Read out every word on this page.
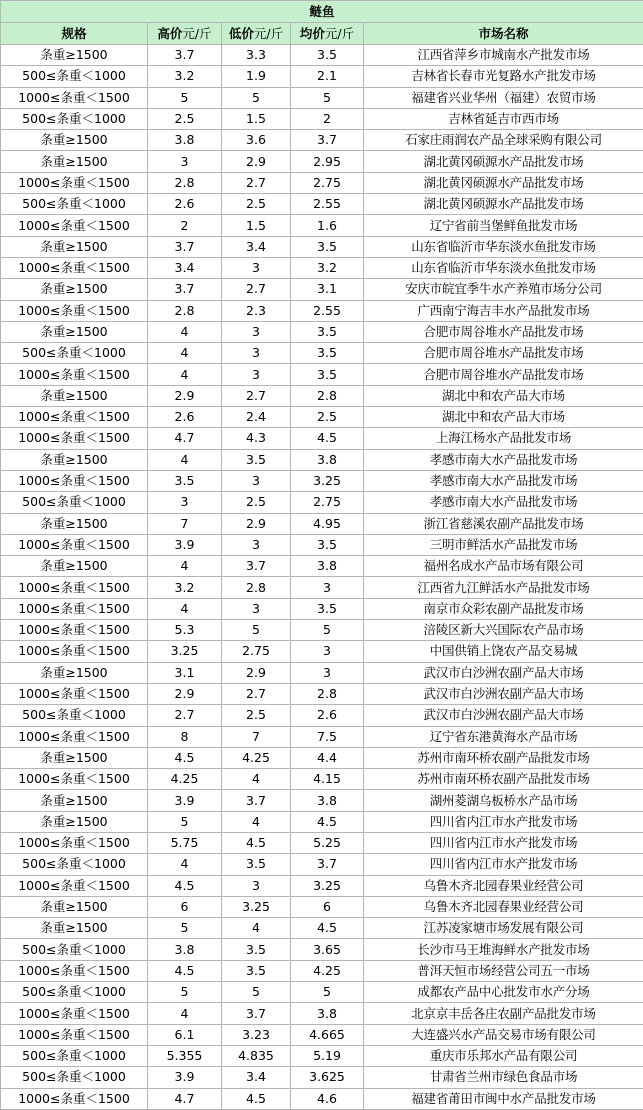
鲢鱼				
规格	高价元/斤	低价元/斤	均价元/斤	市场名称
条重≥1500	3.7	3.3	3.5	江西省萍乡市城南水产批发市场
500≤条重＜1000	3.2	1.9	2.1	吉林省长春市光复路水产批发市场
1000≤条重＜1500	5	5	5	福建省兴业华州（福建）农贸市场
500≤条重＜1000	2.5	1.5	2	吉林省延吉市西市场
条重≥1500	3.8	3.6	3.7	石家庄雨润农产品全球采购有限公司
条重≥1500	3	2.9	2.95	湖北黄冈硕源水产品批发市场
1000≤条重＜1500	2.8	2.7	2.75	湖北黄冈硕源水产品批发市场
500≤条重＜1000	2.6	2.5	2.55	湖北黄冈硕源水产品批发市场
1000≤条重＜1500	2	1.5	1.6	辽宁省前当堡鲜鱼批发市场
条重≥1500	3.7	3.4	3.5	山东省临沂市华东淡水鱼批发市场
1000≤条重＜1500	3.4	3	3.2	山东省临沂市华东淡水鱼批发市场
条重≥1500	3.7	2.7	3.1	安庆市皖宜季牛水产养殖市场分公司
1000≤条重＜1500	2.8	2.3	2.55	广西南宁海吉丰水产品批发市场
条重≥1500	4	3	3.5	合肥市周谷堆水产品批发市场
500≤条重＜1000	4	3	3.5	合肥市周谷堆水产品批发市场
1000≤条重＜1500	4	3	3.5	合肥市周谷堆水产品批发市场
条重≥1500	2.9	2.7	2.8	湖北中和农产品大市场
1000≤条重＜1500	2.6	2.4	2.5	湖北中和农产品大市场
1000≤条重＜1500	4.7	4.3	4.5	上海江杨水产品批发市场
条重≥1500	4	3.5	3.8	孝感市南大水产品批发市场
1000≤条重＜1500	3.5	3	3.25	孝感市南大水产品批发市场
500≤条重＜1000	3	2.5	2.75	孝感市南大水产品批发市场
条重≥1500	7	2.9	4.95	浙江省慈溪农副产品批发市场
1000≤条重＜1500	3.9	3	3.5	三明市鲜活水产品批发市场
条重≥1500	4	3.7	3.8	福州名成水产品市场有限公司
1000≤条重＜1500	3.2	2.8	3	江西省九江鲜活水产品批发市场
1000≤条重＜1500	4	3	3.5	南京市众彩农副产品批发市场
1000≤条重＜1500	5.3	5	5	涪陵区新大兴国际农产品市场
1000≤条重＜1500	3.25	2.75	3	中国供销上饶农产品交易城
条重≥1500	3.1	2.9	3	武汉市白沙洲农副产品大市场
1000≤条重＜1500	2.9	2.7	2.8	武汉市白沙洲农副产品大市场
500≤条重＜1000	2.7	2.5	2.6	武汉市白沙洲农副产品大市场
1000≤条重＜1500	8	7	7.5	辽宁省东港黄海水产品市场
条重≥1500	4.5	4.25	4.4	苏州市南环桥农副产品批发市场
1000≤条重＜1500	4.25	4	4.15	苏州市南环桥农副产品批发市场
条重≥1500	3.9	3.7	3.8	湖州菱湖乌板桥水产品市场
条重≥1500	5	4	4.5	四川省内江市水产批发市场
1000≤条重＜1500	5.75	4.5	5.25	四川省内江市水产批发市场
500≤条重＜1000	4	3.5	3.7	四川省内江市水产批发市场
1000≤条重＜1500	4.5	3	3.25	乌鲁木齐北园春果业经营公司
条重≥1500	6	3.25	6	乌鲁木齐北园春果业经营公司
条重≥1500	5	4	4.5	江苏凌家塘市场发展有限公司
500≤条重＜1000	3.8	3.5	3.65	长沙市马王堆海鲜水产批发市场
1000≤条重＜1500	4.5	3.5	4.25	普洱天恒市场经营公司五一市场
500≤条重＜1000	5	5	5	成都农产品中心批发市水产分场
1000≤条重＜1500	4	3.7	3.8	北京京丰岳各庄农副产品批发市场
1000≤条重＜1500	6.1	3.23	4.665	大连盛兴水产品交易市场有限公司
500≤条重＜1000	5.355	4.835	5.19	重庆市乐邦水产品有限公司
500≤条重＜1000	3.9	3.4	3.625	甘肃省兰州市绿色食品市场
1000≤条重＜1500	4.7	4.5	4.6	福建省莆田市闽中水产品批发市场
